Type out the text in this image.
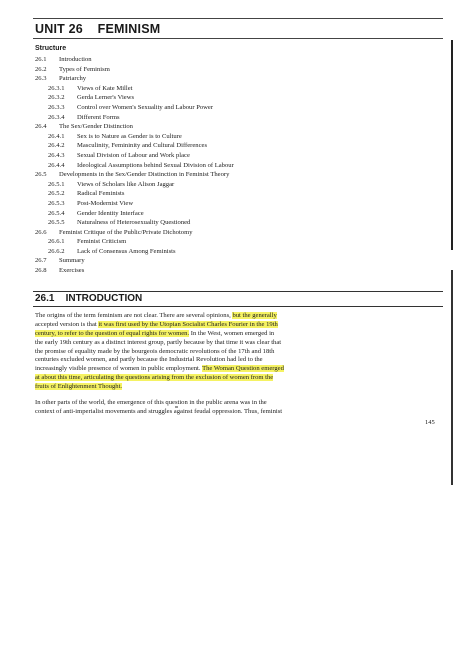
UNIT 26    FEMINISM
Structure
26.1 Introduction
26.2 Types of Feminism
26.3 Patriarchy
26.3.1 Views of Kate Millet
26.3.2 Gerda Lerner's Views
26.3.3 Control over Women's Sexuality and Labour Power
26.3.4 Different Forms
26.4 The Sex/Gender Distinction
26.4.1 Sex is to Nature as Gender is to Culture
26.4.2 Masculinity, Femininity and Cultural Differences
26.4.3 Sexual Division of Labour and Work place
26.4.4 Ideological Assumptions behind Sexual Division of Labour
26.5 Developments in the Sex/Gender Distinction in Feminist Theory
26.5.1 Views of Scholars like Alison Jaggar
26.5.2 Radical Feminists
26.5.3 Post-Modernist View
26.5.4 Gender Identity Interface
26.5.5 Naturalness of Heterosexuality Questioned
26.6 Feminist Critique of the Public/Private Dichotomy
26.6.1 Feminist Criticism
26.6.2 Lack of Consensus Among Feminists
26.7 Summary
26.8 Exercises
26.1    INTRODUCTION
The origins of the term feminism are not clear. There are several opinions, but the generally
accepted version is that it was first used by the Utopian Socialist Charles Fourier in the 19th
century, to refer to the question of equal rights for women. In the West, women emerged in
the early 19th century as a distinct interest group, partly because by that time it was clear that
the promise of equality made by the bourgeois democratic revolutions of the 17th and 18th
centuries excluded women, and partly because the Industrial Revolution had led to the
increasingly visible presence of women in public employment. The Woman Question emerged
at about this time, articulating the questions arising from the exclusion of women from the
fruits of Enlightenment Thought.
In other parts of the world, the emergence of this question in the public arena was in the
context of anti-imperialist movements and struggles against feudal oppression. Thus, feminist
145
